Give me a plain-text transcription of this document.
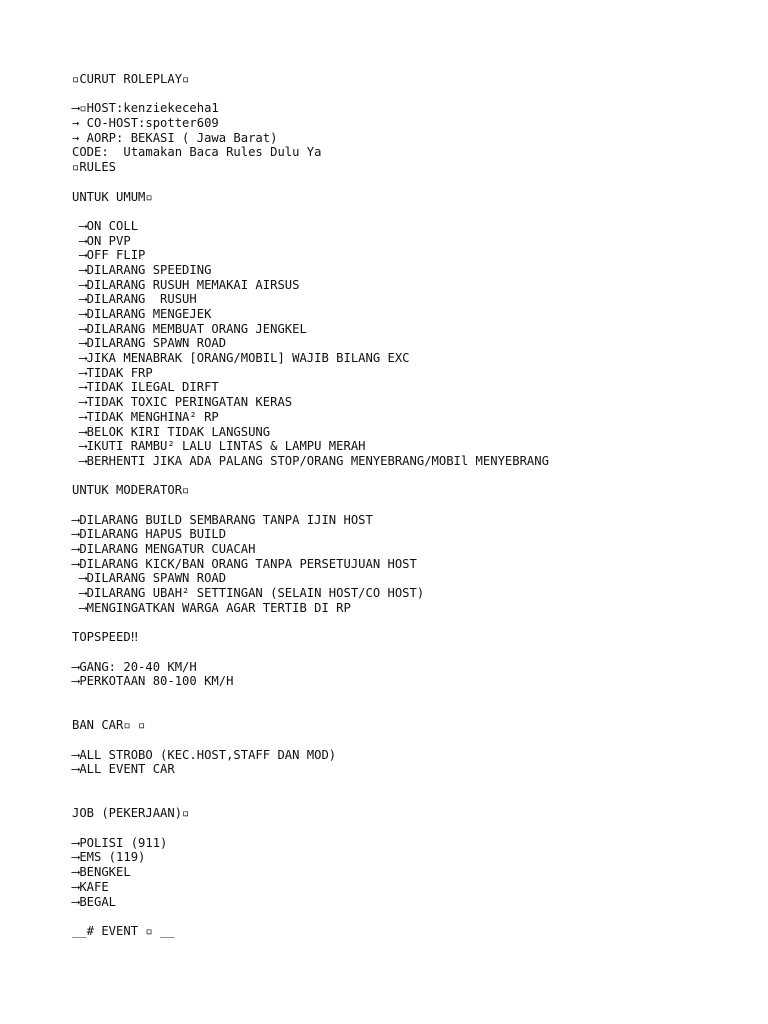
▫CURUT ROLEPLAY▫
⟶▫HOST:kenziekeceha1
→ CO-HOST:spotter609
→ AORP: BEKASI ( Jawa Barat)
CODE:  Utamakan Baca Rules Dulu Ya
▫RULES
UNTUK UMUM▫
⟶ON COLL
⟶ON PVP
⟶OFF FLIP
⟶DILARANG SPEEDING
⟶DILARANG RUSUH MEMAKAI AIRSUS
⟶DILARANG  RUSUH
⟶DILARANG MENGEJEK
⟶DILARANG MEMBUAT ORANG JENGKEL
⟶DILARANG SPAWN ROAD
⟶JIKA MENABRAK [ORANG/MOBIL] WAJIB BILANG EXC
⟶TIDAK FRP
⟶TIDAK ILEGAL DIRFT
⟶TIDAK TOXIC PERINGATAN KERAS
⟶TIDAK MENGHINA² RP
⟶BELOK KIRI TIDAK LANGSUNG
⟶IKUTI RAMBU² LALU LINTAS & LAMPU MERAH
⟶BERHENTI JIKA ADA PALANG STOP/ORANG MENYEBRANG/MOBIl MENYEBRANG
UNTUK MODERATOR▫
⟶DILARANG BUILD SEMBARANG TANPA IJIN HOST
⟶DILARANG HAPUS BUILD
⟶DILARANG MENGATUR CUACAH
⟶DILARANG KICK/BAN ORANG TANPA PERSETUJUAN HOST
⟶DILARANG SPAWN ROAD
⟶DILARANG UBAH² SETTINGAN (SELAIN HOST/CO HOST)
⟶MENGINGATKAN WARGA AGAR TERTIB DI RP
TOPSPEED‼
⟶GANG: 20-40 KM/H
⟶PERKOTAAN 80-100 KM/H
BAN CAR▫ ▫
⟶ALL STROBO (KEC.HOST,STAFF DAN MOD)
⟶ALL EVENT CAR
JOB (PEKERJAAN)▫
⟶POLISI (911)
⟶EMS (119)
⟶BENGKEL
⟶KAFE
⟶BEGAL
__# EVENT ▫ __
